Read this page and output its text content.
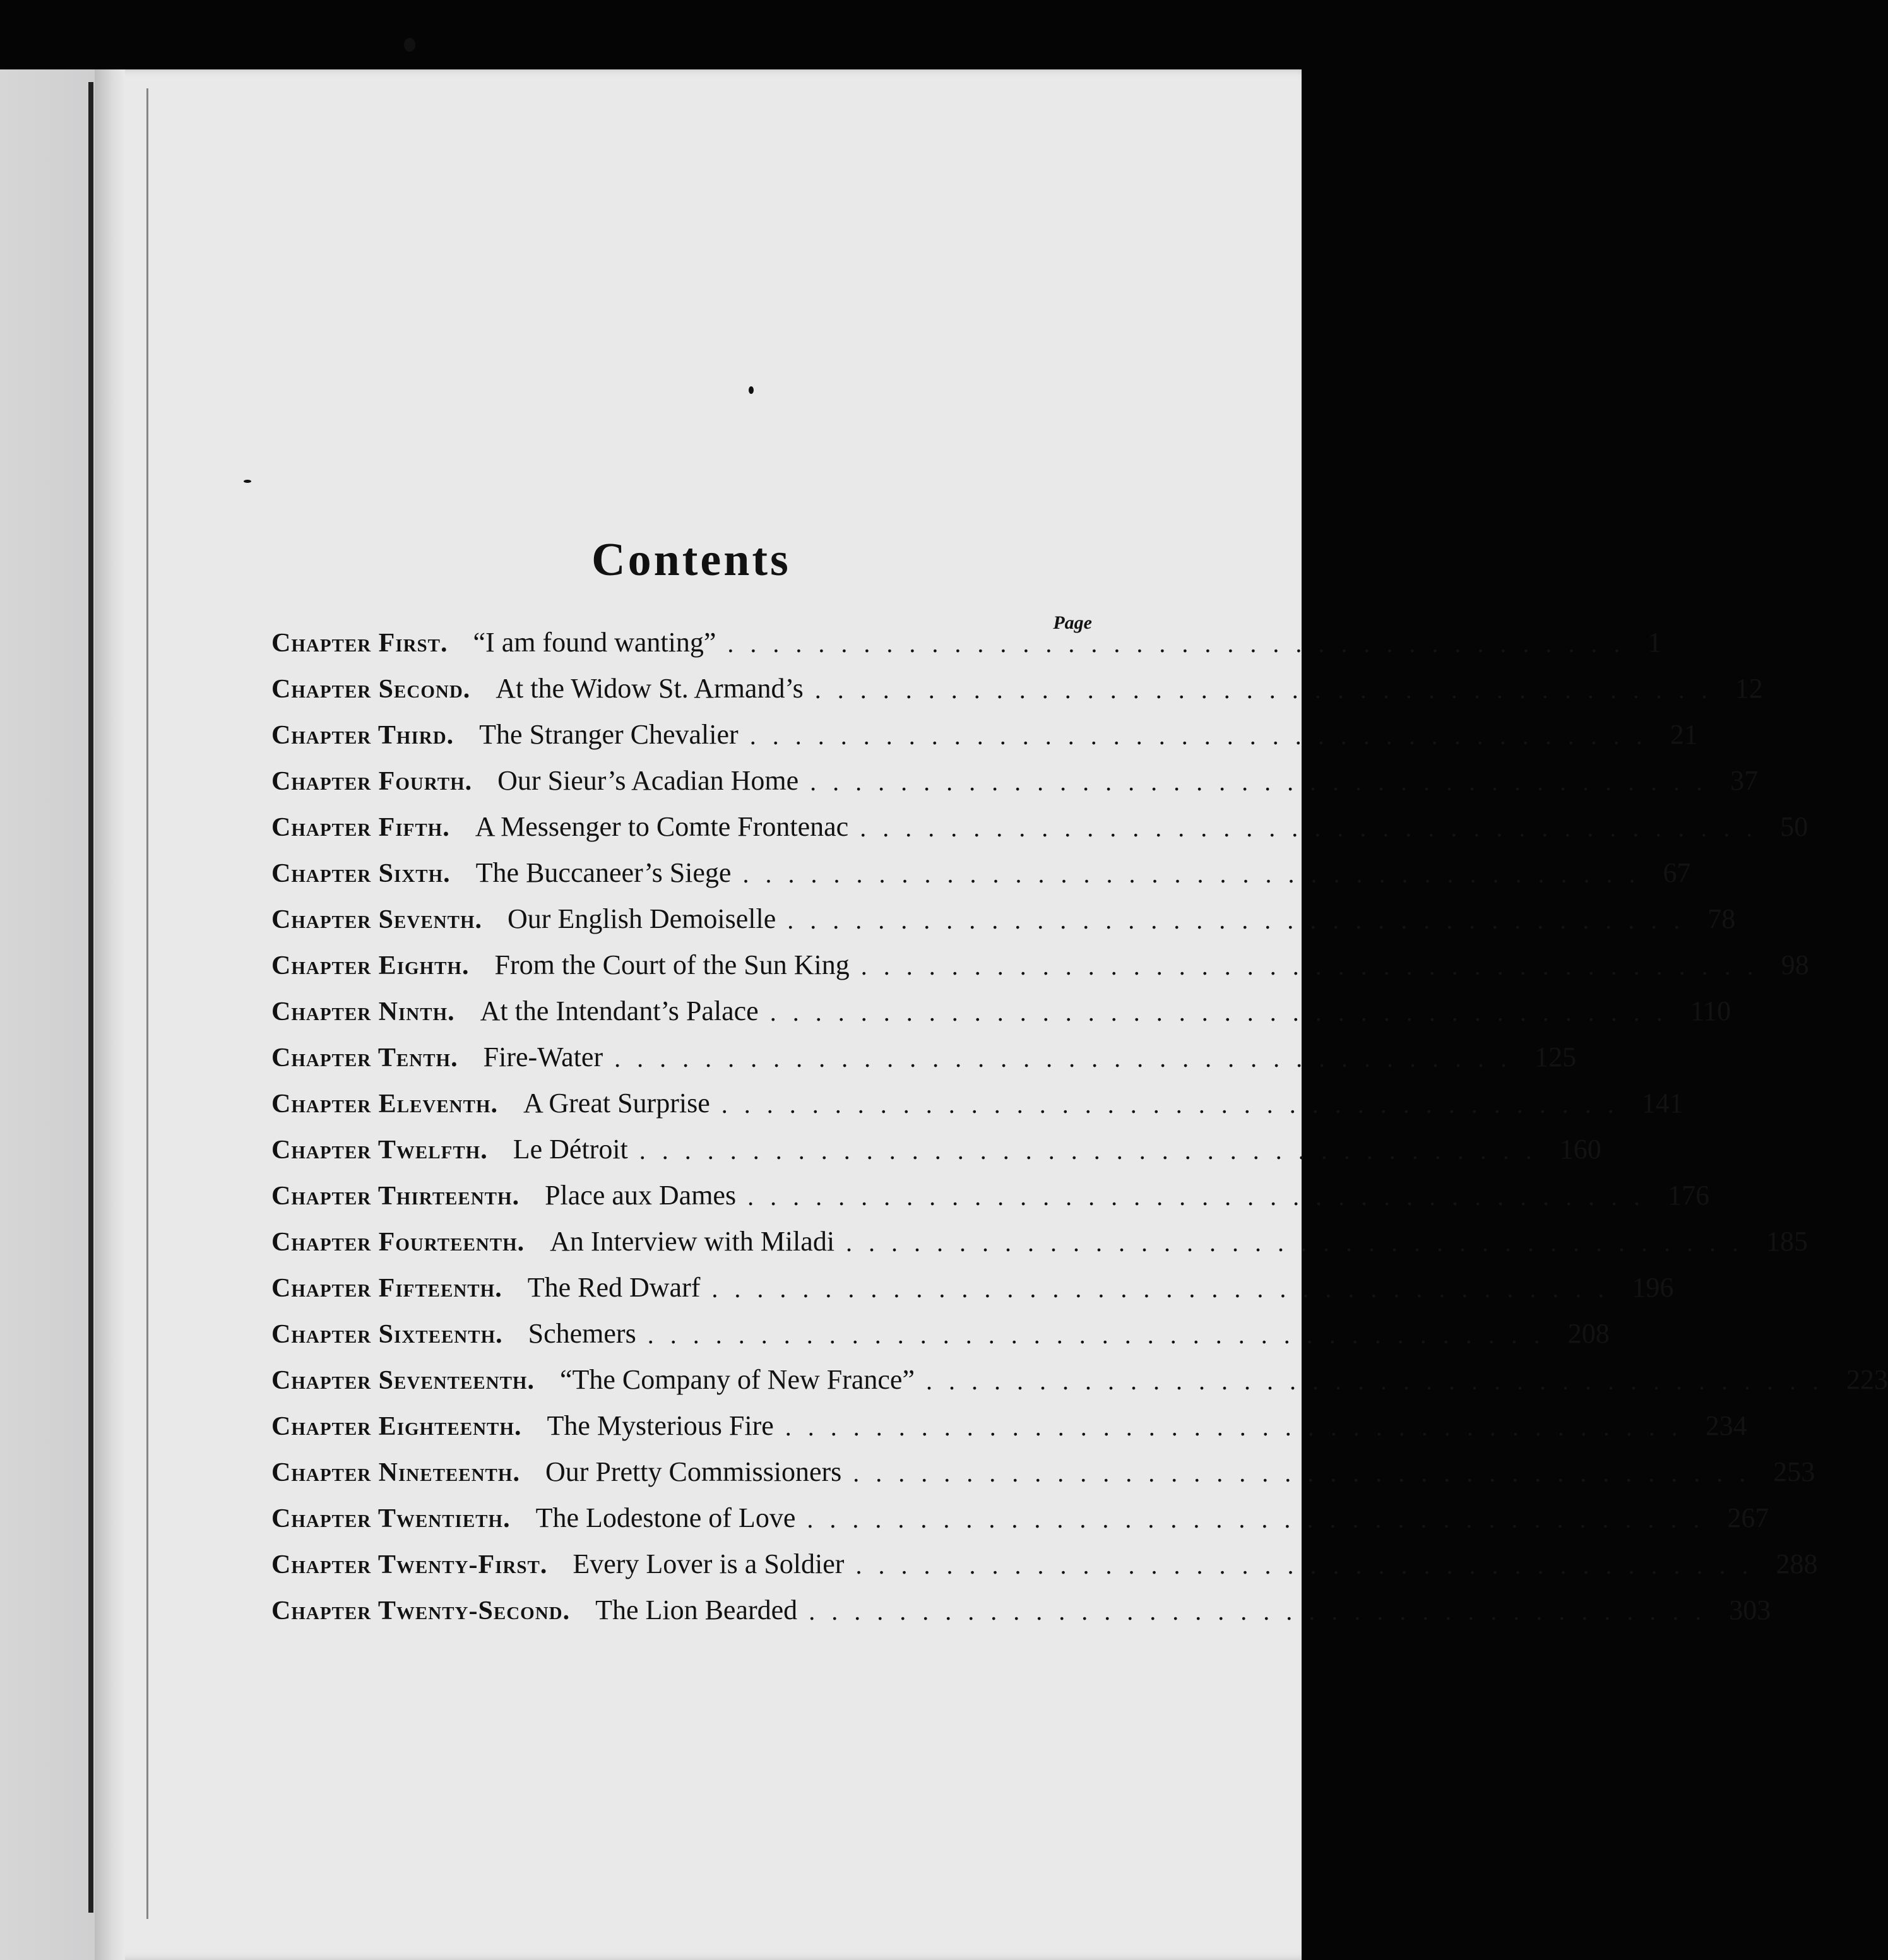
Contents
Page
Chapter First. “I am found wanting” ........................................ 1
Chapter Second. At the Widow St. Armand’s ........................................ 12
Chapter Third. The Stranger Chevalier ........................................ 21
Chapter Fourth. Our Sieur’s Acadian Home ........................................ 37
Chapter Fifth. A Messenger to Comte Frontenac ........................................ 50
Chapter Sixth. The Buccaneer’s Siege ........................................ 67
Chapter Seventh. Our English Demoiselle ........................................ 78
Chapter Eighth. From the Court of the Sun King ........................................ 98
Chapter Ninth. At the Intendant’s Palace ........................................ 110
Chapter Tenth. Fire-Water ........................................ 125
Chapter Eleventh. A Great Surprise ........................................ 141
Chapter Twelfth. Le Détroit ........................................ 160
Chapter Thirteenth. Place aux Dames ........................................ 176
Chapter Fourteenth. An Interview with Miladi ........................................ 185
Chapter Fifteenth. The Red Dwarf ........................................ 196
Chapter Sixteenth. Schemers ........................................ 208
Chapter Seventeenth. “The Company of New France” ........................................ 223
Chapter Eighteenth. The Mysterious Fire ........................................ 234
Chapter Nineteenth. Our Pretty Commissioners ........................................ 253
Chapter Twentieth. The Lodestone of Love ........................................ 267
Chapter Twenty-First. Every Lover is a Soldier ........................................ 288
Chapter Twenty-Second. The Lion Bearded ........................................ 303
